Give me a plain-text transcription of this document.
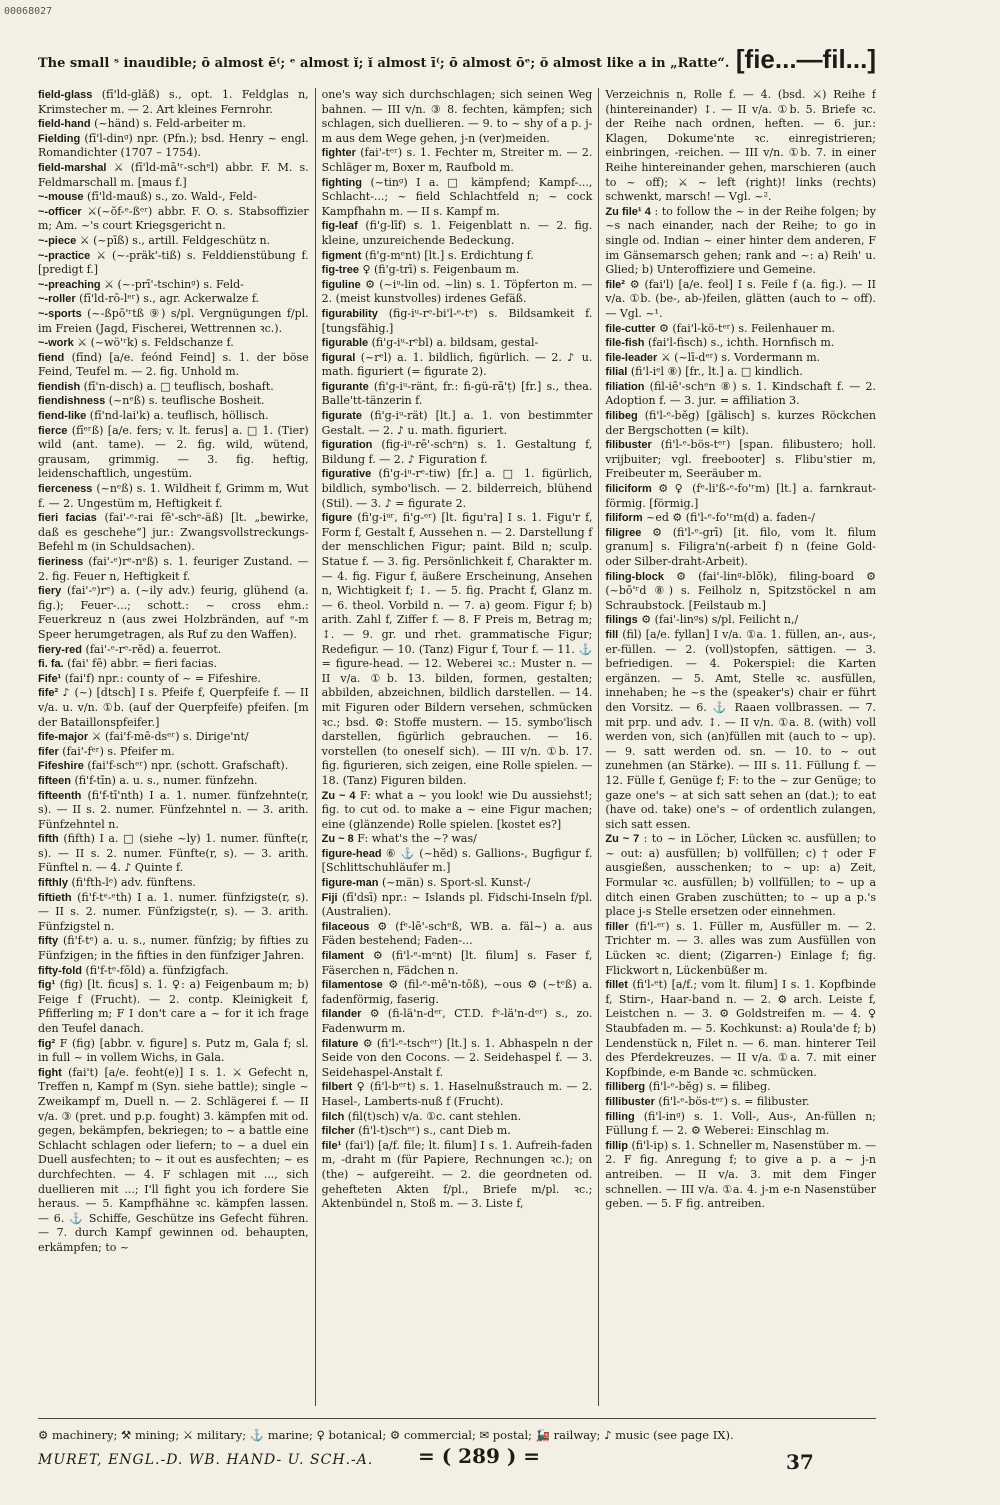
00068027
The small ˢ inaudible; ō almost ē⁽; ᵉ almost ĭ; ĭ almost ī⁽; ō almost ōᵉ; ŏ almost like a in „Ratte“. [fie...—fil...]

field-glass (fī'ld-glăß) s., opt. 1. Feldglas n, Krimstecher m. — 2. Art kleines Fernrohr.

field-hand (~händ) s. Feld-arbeiter m.

Fielding (fī'l-dinᵍ) npr. (Pfn.); bsd. Henry ~ engl. Romandichter (1707 – 1754).

field-marshal ⚔ (fī'ld-mā'ʳ-schᵉl) abbr. F. M. s. Feldmarschall m. [maus f.]

~-mouse (fī'ld-mauß) s., zo. Wald-, Feld-

~-officer ⚔(~ŏf-ᵉ-ßᵉʳ) abbr. F. O. s. Stabsoffizier m; Am. ~'s court Kriegsgericht n.

~-piece ⚔ (~pīß) s., artill. Feldgeschütz n.

~-practice ⚔ (~-präk'-tiß) s. Felddienstübung f. [predigt f.]

~-preaching ⚔ (~-prī'-tschinᵍ) s. Feld-

~-roller (fī'ld-rō-lᵉʳ) s., agr. Ackerwalze f.

~-sports (~-ßpō'ʳtß ⑨) s/pl. Vergnügungen f/pl. im Freien (Jagd, Fischerei, Wettrennen ꝛc.).

~-work ⚔ (~wö'ʳk) s. Feldschanze f.

fiend (fīnd) [a/e. feónd Feind] s. 1. der böse Feind, Teufel m. — 2. fig. Unhold m.

fiendish (fī'n-disch) a. □ teuflisch, boshaft.

fiendishness (~nᵉß) s. teuflische Bosheit.

fiend-like (fī'nd-lai'k) a. teuflisch, höllisch.

fierce (fīᵉʳß) [a/e. fers; v. lt. ferus] a. □ 1. (Tier) wild (ant. tame). — 2. fig. wild, wütend, grausam, grimmig. — 3. fig. heftig, leidenschaftlich, ungestüm.

fierceness (~nᵉß) s. 1. Wildheit f, Grimm m, Wut f. — 2. Ungestüm m, Heftigkeit f.

fieri facias (fai'-ᵉ-rai fē'-schᵉ-äß) [lt. „bewirke, daß es geschehe“] jur.: Zwangsvollstreckungs-Befehl m (in Schuldsachen).

fieriness (fai'-ᵉ)rᵉ-nᵉß) s. 1. feuriger Zustand. — 2. fig. Feuer n, Heftigkeit f.

fiery (fai'-ᵉ)rᵉ) a. (~ily adv.) feurig, glühend (a. fig.); Feuer-...; schott.: ~ cross ehm.: Feuerkreuz n (aus zwei Holzbränden, auf ᵉ-m Speer herumgetragen, als Ruf zu den Waffen).

fiery-red (fai'-ᵉ-rᵉ-rĕd) a. feuerrot.

fi. fa. (fai' fē) abbr. = fieri facias.

Fife¹ (fai'f) npr.: county of ~ = Fifeshire.

fife² ♪ (~) [dtsch] I s. Pfeife f, Querpfeife f. — II v/a. u. v/n. ①b. (auf der Querpfeife) pfeifen. [m der Bataillonspfeifer.]

fife-major ⚔ (fai'f-mē-dsᵉʳ) s. Dirige'nt/

fifer (fai'-fᵉʳ) s. Pfeifer m.

Fifeshire (fai'f-schᵉʳ) npr. (schott. Grafschaft).

fifteen (fi'f-tīn) a. u. s., numer. fünfzehn.

fifteenth (fi'f-tī'nth) I a. 1. numer. fünfzehnte(r, s). — II s. 2. numer. Fünfzehntel n. — 3. arith. Fünfzehntel n.

fifth (fifth) I a. □ (siehe ~ly) 1. numer. fünfte(r, s). — II s. 2. numer. Fünfte(r, s). — 3. arith. Fünftel n. — 4. ♪ Quinte f.

fifthly (fi'fth-lᵉ) adv. fünftens.

fiftieth (fi'f-tᵉ-ᵉth) I a. 1. numer. fünfzigste(r, s). — II s. 2. numer. Fünfzigste(r, s). — 3. arith. Fünfzigstel n.

fifty (fi'f-tᵉ) a. u. s., numer. fünfzig; by fifties zu Fünfzigen; in the fifties in den fünfziger Jahren.

fifty-fold (fi'f-tᵉ-fōld) a. fünfzigfach.

fig¹ (fig) [lt. ficus] s. 1. ♀: a) Feigenbaum m; b) Feige f (Frucht). — 2. contp. Kleinigkeit f, Pfifferling m; F I don't care a ~ for it ich frage den Teufel danach.

fig² F (fig) [abbr. v. figure] s. Putz m, Gala f; sl. in full ~ in vollem Wichs, in Gala.

fight (fai't) [a/e. feoht(e)] I s. 1. ⚔ Gefecht n, Treffen n, Kampf m (Syn. siehe battle); single ~ Zweikampf m, Duell n. — 2. Schlägerei f. — II v/a. ③ (pret. und p.p. fought) 3. kämpfen mit od. gegen, bekämpfen, bekriegen; to ~ a battle eine Schlacht schlagen oder liefern; to ~ a duel ein Duell ausfechten; to ~ it out es ausfechten; ~ es durchfechten. — 4. F schlagen mit ..., sich duellieren mit ...; I'll fight you ich fordere Sie heraus. — 5. Kampfhähne ꝛc. kämpfen lassen. — 6. ⚓ Schiffe, Geschütze ins Gefecht führen. — 7. durch Kampf gewinnen od. behaupten, erkämpfen; to ~

one's way sich durchschlagen; sich seinen Weg bahnen. — III v/n. ③ 8. fechten, kämpfen; sich schlagen, sich duellieren. — 9. to ~ shy of a p. j-m aus dem Wege gehen, j-n (ver)meiden.

fighter (fai'-tᵉʳ) s. 1. Fechter m, Streiter m. — 2. Schläger m, Boxer m, Raufbold m.

fighting (~tinᵍ) I a. □ kämpfend; Kampf-..., Schlacht-...; ~ field Schlachtfeld n; ~ cock Kampfhahn m. — II s. Kampf m.

fig-leaf (fi'g-līf) s. 1. Feigenblatt n. — 2. fig. kleine, unzureichende Bedeckung.

figment (fi'g-mᵉnt) [lt.] s. Erdichtung f.

fig-tree ♀ (fi'g-trī) s. Feigenbaum m.

figuline ⚙ (~iᵘ-lin od. ~lin) s. 1. Töpferton m. — 2. (meist kunstvolles) irdenes Gefäß.

figurability (fig-iᵘ-rᵉ-bi'l-ᵉ-tᵉ) s. Bildsamkeit f. [tungsfähig.]

figurable (fi'g-iᵘ-rᵉbl) a. bildsam, gestal-

figural (~rᵉl) a. 1. bildlich, figürlich. — 2. ♪ u. math. figuriert (= figurate 2).

figurante (fi'g-iᵘ-ränt, fr.: fi-gü-rã'ṭ) [fr.] s., thea. Balle'tt-tänzerin f.

figurate (fi'g-iᵘ-rät) [lt.] a. 1. von bestimmter Gestalt. — 2. ♪ u. math. figuriert.

figuration (fig-iᵘ-rē'-schᵉn) s. 1. Gestaltung f, Bildung f. — 2. ♪ Figuration f.

figurative (fi'g-iᵘ-rᵉ-tiw) [fr.] a. □ 1. figürlich, bildlich, symbo'lisch. — 2. bilderreich, blühend (Stil). — 3. ♪ = figurate 2.

figure (fi'g-iᵘʳ, fi'g-ᵉʳ) [lt. figu'ra] I s. 1. Figu'r f, Form f, Gestalt f, Aussehen n. — 2. Darstellung f der menschlichen Figur; paint. Bild n; sculp. Statue f. — 3. fig. Persönlichkeit f, Charakter m. — 4. fig. Figur f, äußere Erscheinung, Ansehen n, Wichtigkeit f; ↕. — 5. fig. Pracht f, Glanz m. — 6. theol. Vorbild n. — 7. a) geom. Figur f; b) arith. Zahl f, Ziffer f. — 8. F Preis m, Betrag m; ↕. — 9. gr. und rhet. grammatische Figur; Redefigur. — 10. (Tanz) Figur f, Tour f. — 11. ⚓ = figure-head. — 12. Weberei ꝛc.: Muster n. — II v/a. ①b. 13. bilden, formen, gestalten; abbilden, abzeichnen, bildlich darstellen. — 14. mit Figuren oder Bildern versehen, schmücken ꝛc.; bsd. ⚙: Stoffe mustern. — 15. symbo'lisch darstellen, figürlich gebrauchen. — 16. vorstellen (to oneself sich). — III v/n. ①b. 17. fig. figurieren, sich zeigen, eine Rolle spielen. — 18. (Tanz) Figuren bilden.

Zu ~ 4 F: what a ~ you look! wie Du aussiehst!; fig. to cut od. to make a ~ eine Figur machen; eine (glänzende) Rolle spielen. [kostet es?]

Zu ~ 8 F: what's the ~? was/

figure-head ⑥ ⚓ (~hĕd) s. Gallions-, Bugfigur f. [Schlittschuhläufer m.]

figure-man (~män) s. Sport-sl. Kunst-/

Fiji (fī'dsī) npr.: ~ Islands pl. Fidschi-Inseln f/pl. (Australien).

filaceous ⚙ (fᵉ-lē'-schᵉß, WB. a. fäl~) a. aus Fäden bestehend; Faden-...

filament ⚙ (fi'l-ᵉ-mᵉnt) [lt. filum] s. Faser f, Fäserchen n, Fädchen n.

filamentose ⚙ (fil-ᵉ-mē'n-tōß), ~ous ⚙ (~tᵉß) a. fadenförmig, faserig.

filander ⚙ (fi-lä'n-dᵉʳ, CT.D. fᵉ-lä'n-dᵉʳ) s., zo. Fadenwurm m.

filature ⚙ (fi'l-ᵉ-tschᵉʳ) [lt.] s. 1. Abhaspeln n der Seide von den Cocons. — 2. Seidehaspel f. — 3. Seidehaspel-Anstalt f.

filbert ♀ (fi'l-bᵉʳt) s. 1. Haselnußstrauch m. — 2. Hasel-, Lamberts-nuß f (Frucht).

filch (fil(t)sch) v/a. ①c. cant stehlen.

filcher (fi'l-t)schᵉʳ) s., cant Dieb m.

file¹ (fai'l) [a/f. file; lt. filum] I s. 1. Aufreih-faden m, -draht m (für Papiere, Rechnungen ꝛc.); on (the) ~ aufgereiht. — 2. die geordneten od. gehefteten Akten f/pl., Briefe m/pl. ꝛc.; Aktenbündel n, Stoß m. — 3. Liste f,

Verzeichnis n, Rolle f. — 4. (bsd. ⚔) Reihe f (hintereinander) ↕. — II v/a. ①b. 5. Briefe ꝛc. der Reihe nach ordnen, heften. — 6. jur.: Klagen, Dokume'nte ꝛc. einregistrieren; einbringen, -reichen. — III v/n. ①b. 7. in einer Reihe hintereinander gehen, marschieren (auch to ~ off); ⚔ ~ left (right)! links (rechts) schwenkt, marsch! — Vgl. ~².

Zu file¹ 4 : to follow the ~ in der Reihe folgen; by ~s nach einander, nach der Reihe; to go in single od. Indian ~ einer hinter dem anderen, F im Gänsemarsch gehen; rank and ~: a) Reih' u. Glied; b) Unteroffiziere und Gemeine.

file² ⚙ (fai'l) [a/e. feol] I s. Feile f (a. fig.). — II v/a. ①b. (be-, ab-)feilen, glätten (auch to ~ off). — Vgl. ~¹.

file-cutter ⚙ (fai'l-kö-tᵉʳ) s. Feilenhauer m.

file-fish (fai'l-fisch) s., ichth. Hornfisch m.

file-leader ⚔ (~lī-dᵉʳ) s. Vordermann m.

filial (fi'l-iᵉl ⑧) [fr., lt.] a. □ kindlich.

filiation (fil-iē'-schᵉn ⑧) s. 1. Kindschaft f. — 2. Adoption f. — 3. jur. = affiliation 3.

filibeg (fi'l-ᵉ-bĕg) [gälisch] s. kurzes Röckchen der Bergschotten (= kilt).

filibuster (fi'l-ᵉ-bös-tᵉʳ) [span. filibustero; holl. vrijbuiter; vgl. freebooter] s. Flibu'stier m, Freibeuter m, Seeräuber m.

filiciform ⚙ ♀ (fᵉ-li'ß-ᵉ-fo'ʳm) [lt.] a. farnkraut-förmig. [förmig.]

filiform ~ed ⚙ (fi'l-ᵉ-fo'ʳm(d) a. faden-/

filigree ⚙ (fi'l-ᵉ-grī) [it. filo, vom lt. filum granum] s. Filigra'n(-arbeit f) n (feine Gold- oder Silber-draht-Arbeit).

filing-block ⚙ (fai'-linᵍ-blŏk), filing-board ⚙ (~bō'ʳd ⑧) s. Feilholz n, Spitzstöckel n am Schraubstock. [Feilstaub m.]

filings ⚙ (fai'-linᵍs) s/pl. Feilicht n,/

fill (fil) [a/e. fyllan] I v/a. ①a. 1. füllen, an-, aus-, er-füllen. — 2. (voll)stopfen, sättigen. — 3. befriedigen. — 4. Pokerspiel: die Karten ergänzen. — 5. Amt, Stelle ꝛc. ausfüllen, innehaben; he ~s the (speaker's) chair er führt den Vorsitz. — 6. ⚓ Raaen vollbrassen. — 7. mit prp. und adv. ↕. — II v/n. ①a. 8. (with) voll werden von, sich (an)füllen mit (auch to ~ up). — 9. satt werden od. sn. — 10. to ~ out zunehmen (an Stärke). — III s. 11. Füllung f. — 12. Fülle f, Genüge f; F: to the ~ zur Genüge; to gaze one's ~ at sich satt sehen an (dat.); to eat (have od. take) one's ~ of ordentlich zulangen, sich satt essen.

Zu ~ 7 : to ~ in Löcher, Lücken ꝛc. ausfüllen; to ~ out: a) ausfüllen; b) vollfüllen; c) † oder F ausgießen, ausschenken; to ~ up: a) Zeit, Formular ꝛc. ausfüllen; b) vollfüllen; to ~ up a ditch einen Graben zuschütten; to ~ up a p.'s place j-s Stelle ersetzen oder einnehmen.

filler (fi'l-ᵉʳ) s. 1. Füller m, Ausfüller m. — 2. Trichter m. — 3. alles was zum Ausfüllen von Lücken ꝛc. dient; (Zigarren-) Einlage f; fig. Flickwort n, Lückenbüßer m.

fillet (fi'l-ᵉt) [a/f.; vom lt. filum] I s. 1. Kopfbinde f, Stirn-, Haar-band n. — 2. ⚙ arch. Leiste f, Leistchen n. — 3. ⚙ Goldstreifen m. — 4. ♀ Staubfaden m. — 5. Kochkunst: a) Roula'de f; b) Lendenstück n, Filet n. — 6. man. hinterer Teil des Pferdekreuzes. — II v/a. ①a. 7. mit einer Kopfbinde, e-m Bande ꝛc. schmücken.

filliberg (fi'l-ᵉ-bĕg) s. = filibeg.

fillibuster (fi'l-ᵉ-bös-tᵉʳ) s. = filibuster.

filling (fi'l-inᵍ) s. 1. Voll-, Aus-, An-füllen n; Füllung f. — 2. ⚙ Weberei: Einschlag m.

fillip (fi'l-ip) s. 1. Schneller m, Nasenstüber m. — 2. F fig. Anregung f; to give a p. a ~ j-n antreiben. — II v/a. 3. mit dem Finger schnellen. — III v/a. ①a. 4. j-m e-n Nasenstüber geben. — 5. F fig. antreiben.

⚙ machinery; ⚒ mining; ⚔ military; ⚓ marine; ♀ botanical; ⚙ commercial; ✉ postal; 🚂 railway; ♪ music (see page IX).
MURET, ENGL.-D. WB. HAND- U. SCH.-A. = ( 289 ) =	37
